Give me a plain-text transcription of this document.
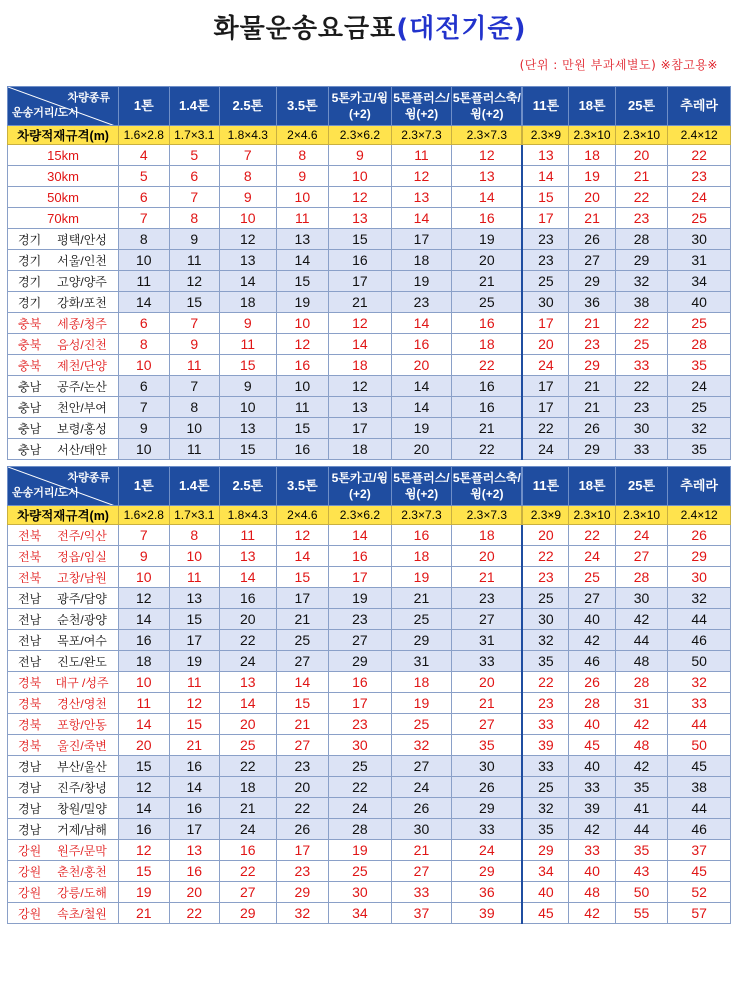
화물운송요금표(대전기준)
(단위 : 만원 부과세별도) ※참고용※
차량종류
운송거리/도시	1톤	1.4톤	2.5톤	3.5톤	5톤카고/윙(+2)	5톤플러스/윙(+2)	5톤플러스축/윙(+2)	11톤	18톤	25톤	추레라
차량적재규격(m)	1.6×2.8	1.7×3.1	1.8×4.3	2×4.6	2.3×6.2	2.3×7.3	2.3×7.3	2.3×9	2.3×10	2.3×10	2.4×12
15km	4	5	7	8	9	11	12	13	18	20	22
30km	5	6	8	9	10	12	13	14	19	21	23
50km	6	7	9	10	12	13	14	15	20	22	24
70km	7	8	10	11	13	14	16	17	21	23	25
경기 평택/안성	8	9	12	13	15	17	19	23	26	28	30
경기 서울/인천	10	11	13	14	16	18	20	23	27	29	31
경기 고양/양주	11	12	14	15	17	19	21	25	29	32	34
경기 강화/포천	14	15	18	19	21	23	25	30	36	38	40
충북 세종/청주	6	7	9	10	12	14	16	17	21	22	25
충북 음성/진천	8	9	11	12	14	16	18	20	23	25	28
충북 제천/단양	10	11	15	16	18	20	22	24	29	33	35
충남 공주/논산	6	7	9	10	12	14	16	17	21	22	24
충남 천안/부여	7	8	10	11	13	14	16	17	21	23	25
충남 보령/홍성	9	10	13	15	17	19	21	22	26	30	32
충남 서산/태안	10	11	15	16	18	20	22	24	29	33	35
차량종류
운송거리/도시	1톤	1.4톤	2.5톤	3.5톤	5톤카고/윙(+2)	5톤플러스/윙(+2)	5톤플러스축/윙(+2)	11톤	18톤	25톤	추레라
차량적재규격(m)	1.6×2.8	1.7×3.1	1.8×4.3	2×4.6	2.3×6.2	2.3×7.3	2.3×7.3	2.3×9	2.3×10	2.3×10	2.4×12
전북 전주/익산	7	8	11	12	14	16	18	20	22	24	26
전북 정읍/임실	9	10	13	14	16	18	20	22	24	27	29
전북 고창/남원	10	11	14	15	17	19	21	23	25	28	30
전남 광주/담양	12	13	16	17	19	21	23	25	27	30	32
전남 순천/광양	14	15	20	21	23	25	27	30	40	42	44
전남 목포/여수	16	17	22	25	27	29	31	32	42	44	46
전남 진도/완도	18	19	24	27	29	31	33	35	46	48	50
경북 대구 /성주	10	11	13	14	16	18	20	22	26	28	32
경북 경산/영천	11	12	14	15	17	19	21	23	28	31	33
경북 포항/안동	14	15	20	21	23	25	27	33	40	42	44
경북 울진/죽변	20	21	25	27	30	32	35	39	45	48	50
경남 부산/울산	15	16	22	23	25	27	30	33	40	42	45
경남 진주/창녕	12	14	18	20	22	24	26	25	33	35	38
경남 창원/밀양	14	16	21	22	24	26	29	32	39	41	44
경남 거제/남해	16	17	24	26	28	30	33	35	42	44	46
강원 원주/문막	12	13	16	17	19	21	24	29	33	35	37
강원 춘천/홍천	15	16	22	23	25	27	29	34	40	43	45
강원 강릉/도해	19	20	27	29	30	33	36	40	48	50	52
강원 속초/철원	21	22	29	32	34	37	39	45	42	55	57
